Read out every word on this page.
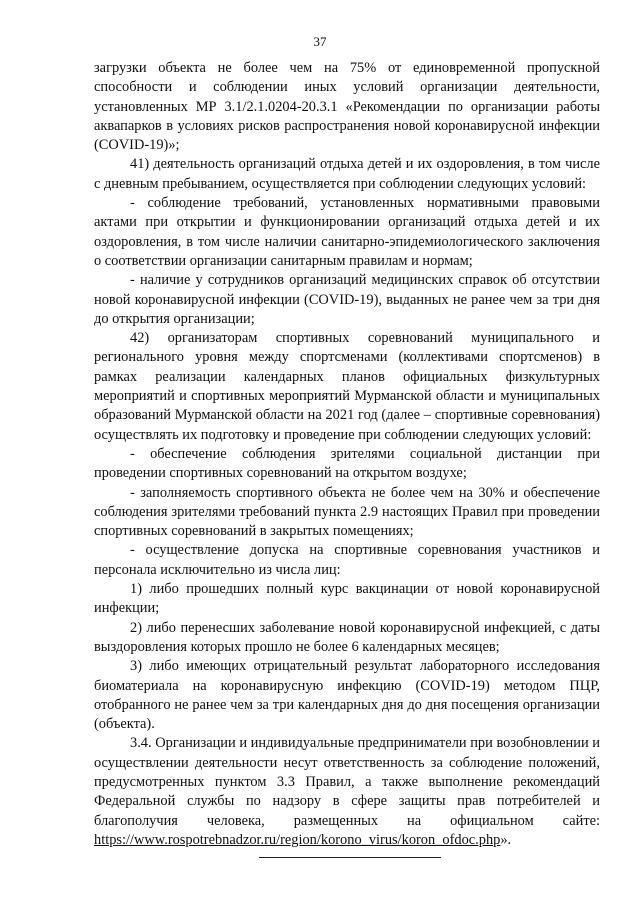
37

загрузки объекта не более чем на 75% от единовременной пропускной способности и соблюдении иных условий организации деятельности, установленных МР 3.1/2.1.0204-20.3.1 «Рекомендации по организации работы аквапарков в условиях рисков распространения новой коронавирусной инфекции (COVID-19)»;

41) деятельность организаций отдыха детей и их оздоровления, в том числе с дневным пребыванием, осуществляется при соблюдении следующих условий:

- соблюдение требований, установленных нормативными правовыми актами при открытии и функционировании организаций отдыха детей и их оздоровления, в том числе наличии санитарно-эпидемиологического заключения о соответствии организации санитарным правилам и нормам;

- наличие у сотрудников организаций медицинских справок об отсутствии новой коронавирусной инфекции (COVID-19), выданных не ранее чем за три дня до открытия организации;

42) организаторам спортивных соревнований муниципального и регионального уровня между спортсменами (коллективами спортсменов) в рамках реализации календарных планов официальных физкультурных мероприятий и спортивных мероприятий Мурманской области и муниципальных образований Мурманской области на 2021 год (далее – спортивные соревнования) осуществлять их подготовку и проведение при соблюдении следующих условий:

- обеспечение соблюдения зрителями социальной дистанции при проведении спортивных соревнований на открытом воздухе;

- заполняемость спортивного объекта не более чем на 30% и обеспечение соблюдения зрителями требований пункта 2.9 настоящих Правил при проведении спортивных соревнований в закрытых помещениях;

- осуществление допуска на спортивные соревнования участников и персонала исключительно из числа лиц:

1) либо прошедших полный курс вакцинации от новой коронавирусной инфекции;

2) либо перенесших заболевание новой коронавирусной инфекцией, с даты выздоровления которых прошло не более 6 календарных месяцев;

3) либо имеющих отрицательный результат лабораторного исследования биоматериала на коронавирусную инфекцию (COVID-19) методом ПЦР, отобранного не ранее чем за три календарных дня до дня посещения организации (объекта).

3.4. Организации и индивидуальные предприниматели при возобновлении и осуществлении деятельности несут ответственность за соблюдение положений, предусмотренных пунктом 3.3 Правил, а также выполнение рекомендаций Федеральной службы по надзору в сфере защиты прав потребителей и благополучия человека, размещенных на официальном сайте: https://www.rospotrebnadzor.ru/region/korono_virus/koron_ofdoc.php».
